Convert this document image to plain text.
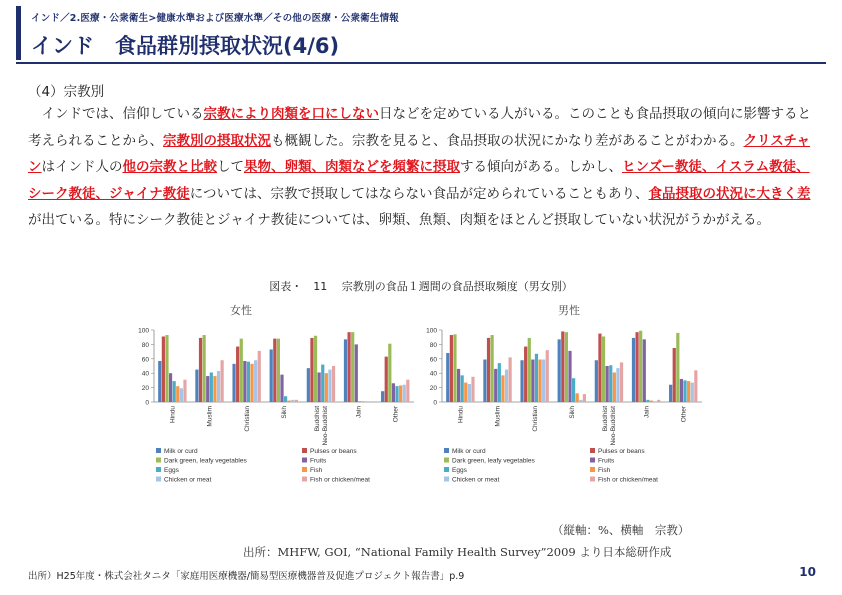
インド／2.医療・公衆衛生>健康水準および医療水準／その他の医療・公衆衛生情報
インド　食品群別摂取状況(4/6)
（4）宗教別
　インドでは、信仰している宗教により肉類を口にしない日などを定めている人がいる。このことも食品摂取の傾向に影響すると考えられることから、宗教別の摂取状況も概観した。宗教を見ると、食品摂取の状況にかなり差があることがわかる。クリスチャンはインド人の他の宗教と比較して果物、卵類、肉類などを頻繁に摂取する傾向がある。しかし、ヒンズー教徒、イスラム教徒、シーク教徒、ジャイナ教徒については、宗教で摂取してはならない食品が定められていることもあり、食品摂取の状況に大きく差が出ている。特にシーク教徒とジャイナ教徒については、卵類、魚類、肉類をほとんど摂取していない状況がうかがえる。
図表・　11　 宗教別の食品１週間の食品摂取頻度（男女別）
女性	男性
0
20
40
60
80
100
Hindu	Muslim	Christian	Sikh	Buddhist Neo-Buddhist	Jain	Other
Milk or curd	Pulses or beans
Dark green, leafy vegetables	Fruits
Eggs	Fish
Chicken or meat	Fish or chicken/meat
0
20
40
60
80
100
Hindu	Muslim	Christian	Sikh	Buddhist Neo-Buddhist	Jain	Other
Milk or curd	Pulses or beans
Dark green, leafy vegetables	Fruits
Eggs	Fish
Chicken or meat	Fish or chicken/meat
（縦軸：%、横軸　宗教）
出所：MHFW, GOI, “National Family Health Survey”2009 より日本総研作成
出所）H25年度・株式会社タニタ「家庭用医療機器/簡易型医療機器普及促進プロジェクト報告書」p.9	10
